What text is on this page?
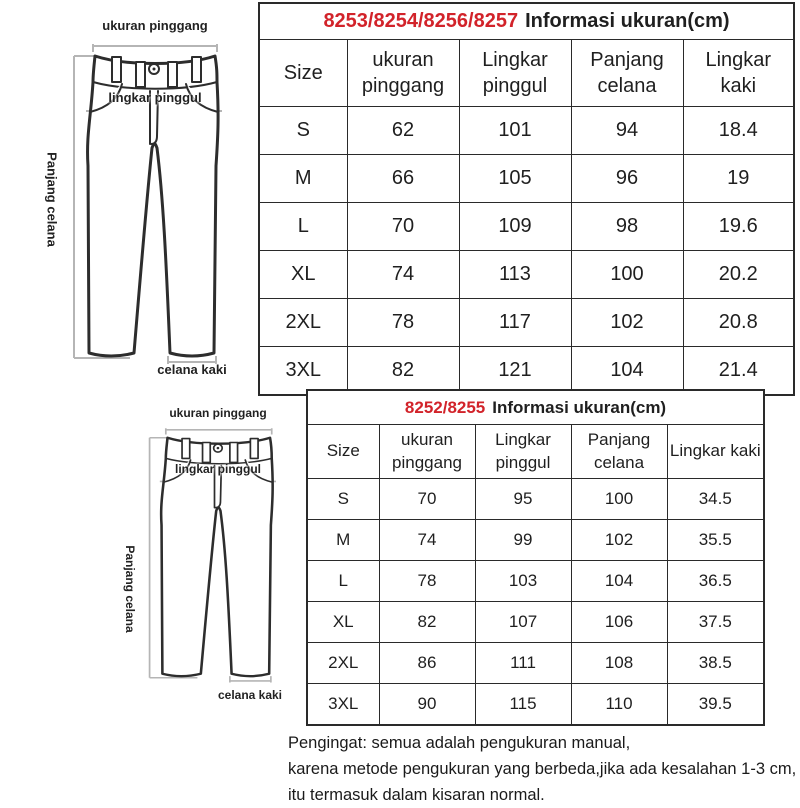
ukuran pinggang
lingkar pinggul
Panjang celana
celana kaki
ukuran pinggang
lingkar pinggul
Panjang celana
celana kaki
8253/8254/8256/8257 Informasi ukuran(cm)				
Size	ukuran pinggang	Lingkar pinggul	Panjang celana	Lingkar kaki
S	62	101	94	18.4
M	66	105	96	19
L	70	109	98	19.6
XL	74	113	100	20.2
2XL	78	117	102	20.8
3XL	82	121	104	21.4
8252/8255 Informasi ukuran(cm)				
Size	ukuran pinggang	Lingkar pinggul	Panjang celana	Lingkar kaki
S	70	95	100	34.5
M	74	99	102	35.5
L	78	103	104	36.5
XL	82	107	106	37.5
2XL	86	111	108	38.5
3XL	90	115	110	39.5
Pengingat: semua adalah pengukuran manual,
karena metode pengukuran yang berbeda,jika ada kesalahan 1-3 cm,
itu termasuk dalam kisaran normal.
